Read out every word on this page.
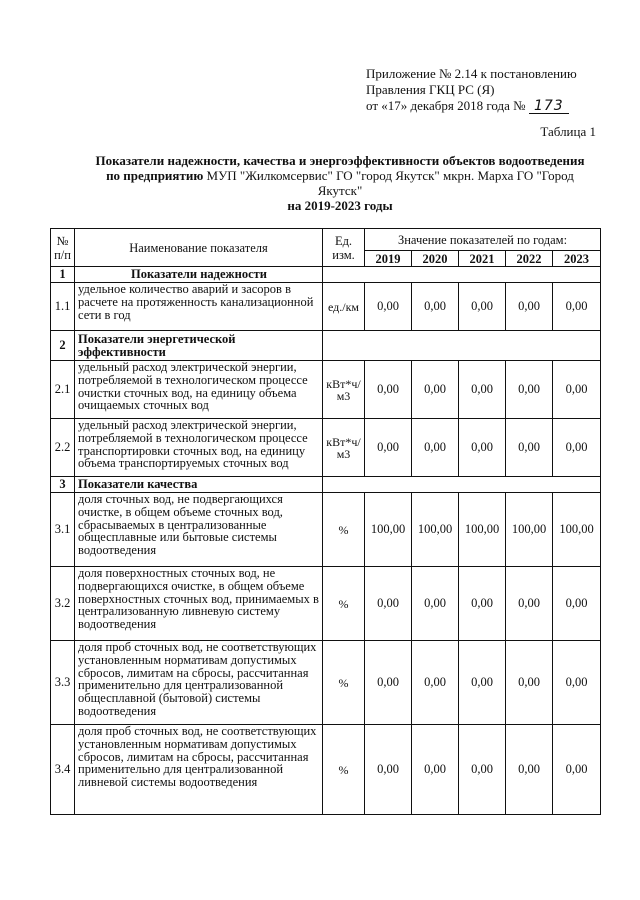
Приложение № 2.14 к постановлению
Правления ГКЦ РС (Я)
от «17» декабря 2018 года № 173
Таблица 1
Показатели надежности, качества и энергоэффективности объектов водоотведения
по предприятию МУП "Жилкомсервис" ГО "город Якутск" мкрн. Марха ГО "Город
Якутск"
на 2019-2023 годы
№ п/п	Наименование показателя	Ед. изм.	Значение показателей по годам:				
			2019	2020	2021	2022	2023
1	Показатели надежности						
1.1	удельное количество аварий и засоров в расчете на протяженность канализационной сети в год	ед./км	0,00	0,00	0,00	0,00	0,00
2	Показатели энергетической эффективности						
2.1	удельный расход электрической энергии, потребляемой в технологическом процессе очистки сточных вод, на единицу объема очищаемых сточных вод	кВт*ч/м3	0,00	0,00	0,00	0,00	0,00
2.2	удельный расход электрической энергии, потребляемой в технологическом процессе транспортировки сточных вод, на единицу объема транспортируемых сточных вод	кВт*ч/м3	0,00	0,00	0,00	0,00	0,00
3	Показатели качества						
3.1	доля сточных вод, не подвергающихся очистке, в общем объеме сточных вод, сбрасываемых в централизованные общесплавные или бытовые системы водоотведения	%	100,00	100,00	100,00	100,00	100,00
3.2	доля поверхностных сточных вод, не подвергающихся очистке, в общем объеме поверхностных сточных вод, принимаемых в централизованную ливневую систему водоотведения	%	0,00	0,00	0,00	0,00	0,00
3.3	доля проб сточных вод, не соответствующих установленным нормативам допустимых сбросов, лимитам на сбросы, рассчитанная применительно для централизованной общесплавной (бытовой) системы водоотведения	%	0,00	0,00	0,00	0,00	0,00
3.4	доля проб сточных вод, не соответствующих установленным нормативам допустимых сбросов, лимитам на сбросы, рассчитанная применительно для централизованной ливневой системы водоотведения	%	0,00	0,00	0,00	0,00	0,00
